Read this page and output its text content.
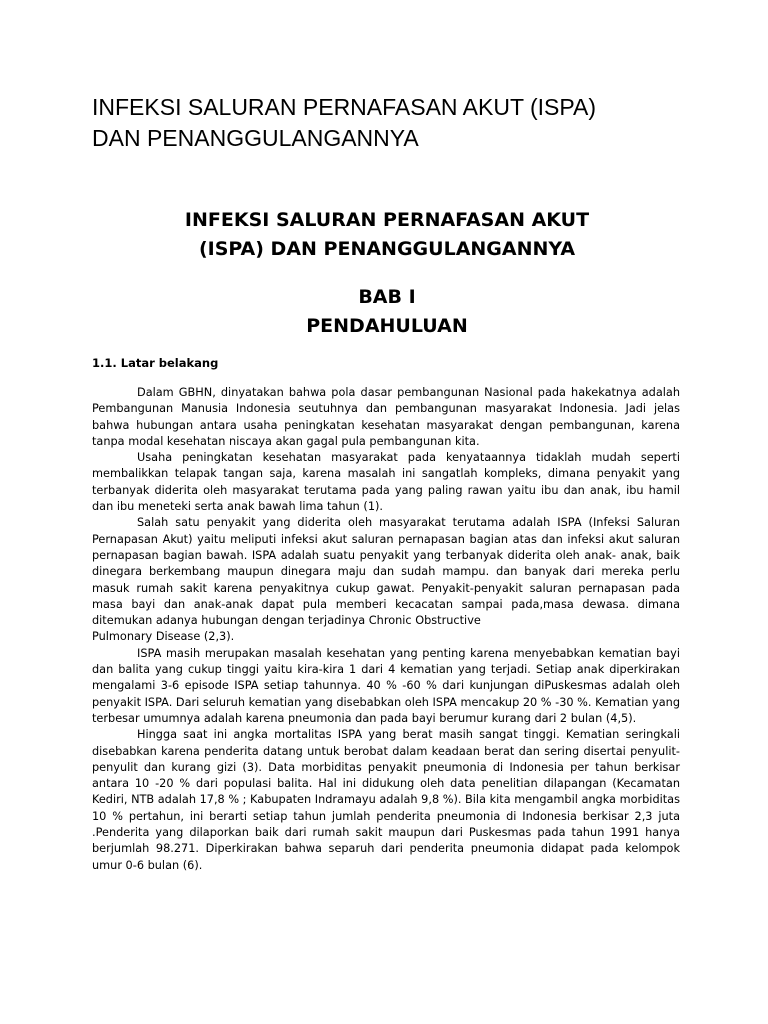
INFEKSI SALURAN PERNAFASAN AKUT (ISPA)
DAN PENANGGULANGANNYA
INFEKSI SALURAN PERNAFASAN AKUT
(ISPA) DAN PENANGGULANGANNYA
BAB I
PENDAHULUAN
1.1. Latar belakang

Dalam GBHN, dinyatakan bahwa pola dasar pembangunan Nasional pada hakekatnya adalah Pembangunan Manusia Indonesia seutuhnya dan pembangunan masyarakat Indonesia. Jadi jelas bahwa hubungan antara usaha peningkatan kesehatan masyarakat dengan pembangunan, karena tanpa modal kesehatan niscaya akan gagal pula pembangunan kita.

Usaha peningkatan kesehatan masyarakat pada kenyataannya tidaklah mudah seperti membalikkan telapak tangan saja, karena masalah ini sangatlah kompleks, dimana penyakit yang terbanyak diderita oleh masyarakat terutama pada yang paling rawan yaitu ibu dan anak, ibu hamil dan ibu meneteki serta anak bawah lima tahun (1).

Salah satu penyakit yang diderita oleh masyarakat terutama adalah ISPA (Infeksi Saluran Pernapasan Akut) yaitu meliputi infeksi akut saluran pernapasan bagian atas dan infeksi akut saluran pernapasan bagian bawah. ISPA adalah suatu penyakit yang terbanyak diderita oleh anak- anak, baik dinegara berkembang maupun dinegara maju dan sudah mampu. dan banyak dari mereka perlu masuk rumah sakit karena penyakitnya cukup gawat. Penyakit-penyakit saluran pernapasan pada masa bayi dan anak-anak dapat pula memberi kecacatan sampai pada,masa dewasa. dimana ditemukan adanya hubungan dengan terjadinya Chronic Obstructive

Pulmonary Disease (2,3).

ISPA masih merupakan masalah kesehatan yang penting karena menyebabkan kematian bayi dan balita yang cukup tinggi yaitu kira-kira 1 dari 4 kematian yang terjadi. Setiap anak diperkirakan mengalami 3-6 episode ISPA setiap tahunnya. 40 % -60 % dari kunjungan diPuskesmas adalah oleh penyakit ISPA. Dari seluruh kematian yang disebabkan oleh ISPA mencakup 20 % -30 %. Kematian yang terbesar umumnya adalah karena pneumonia dan pada bayi berumur kurang dari 2 bulan (4,5).

Hingga saat ini angka mortalitas ISPA yang berat masih sangat tinggi. Kematian seringkali disebabkan karena penderita datang untuk berobat dalam keadaan berat dan sering disertai penyulit-penyulit dan kurang gizi (3). Data morbiditas penyakit pneumonia di Indonesia per tahun berkisar antara 10 -20 % dari populasi balita. Hal ini didukung oleh data penelitian dilapangan (Kecamatan Kediri, NTB adalah 17,8 % ; Kabupaten Indramayu adalah 9,8 %). Bila kita mengambil angka morbiditas 10 % pertahun, ini berarti setiap tahun jumlah penderita pneumonia di Indonesia berkisar 2,3 juta .Penderita yang dilaporkan baik dari rumah sakit maupun dari Puskesmas pada tahun 1991 hanya berjumlah 98.271. Diperkirakan bahwa separuh dari penderita pneumonia didapat pada kelompok umur 0-6 bulan (6).
